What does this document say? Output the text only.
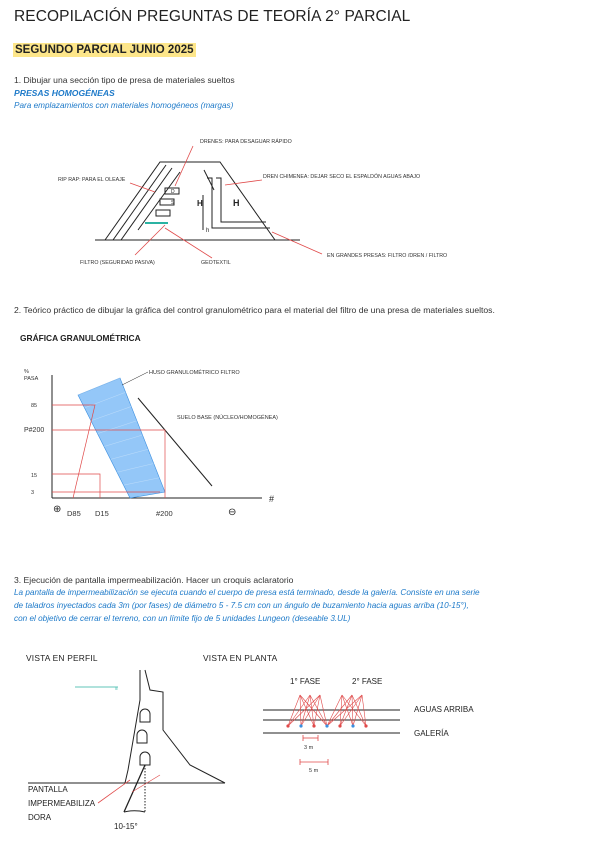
RECOPILACIÓN PREGUNTAS DE TEORÍA 2° PARCIAL
SEGUNDO PARCIAL JUNIO 2025
1. Dibujar una sección tipo de presa de materiales sueltos
PRESAS HOMOGÉNEAS
Para emplazamientos con materiales homogéneos (margas)
H	H
h
D
S
%
PASA
#
85
P#200
15
3
D85 D15	#200
HUSO GRANULOMÉTRICO FILTRO
SUELO BASE (NÚCLEO/HOMOGÉNEA)
⊕	⊖
≡
3 m
5 m
DRENES: PARA DESAGUAR RÁPIDO
RIP RAP: PARA EL OLEAJE	DREN CHIMENEA: DEJAR SECO EL ESPALDÓN AGUAS ABAJO
FILTRO (SEGURIDAD PASIVA)	GEOTEXTIL
EN GRANDES PRESAS: FILTRO /DREN / FILTRO
2. Teórico práctico de dibujar la gráfica del control granulométrico para el material del filtro de una presa de materiales sueltos.
GRÁFICA GRANULOMÉTRICA
3. Ejecución de pantalla impermeabilización. Hacer un croquis aclaratorio
La pantalla de impermeabilización se ejecuta cuando el cuerpo de presa está terminado, desde la galería. Consiste en una serie
de taladros inyectados cada 3m (por fases) de diámetro 5 - 7.5 cm con un ángulo de buzamiento hacia aguas arriba (10-15°),
con el objetivo de cerrar el terreno, con un límite fijo de 5 unidades Lungeon (deseable 3.UL)
VISTA EN PERFIL	VISTA EN PLANTA
1° FASE	2° FASE
AGUAS ARRIBA
GALERÍA
PANTALLA
IMPERMEABILIZA
DORA
10-15°
